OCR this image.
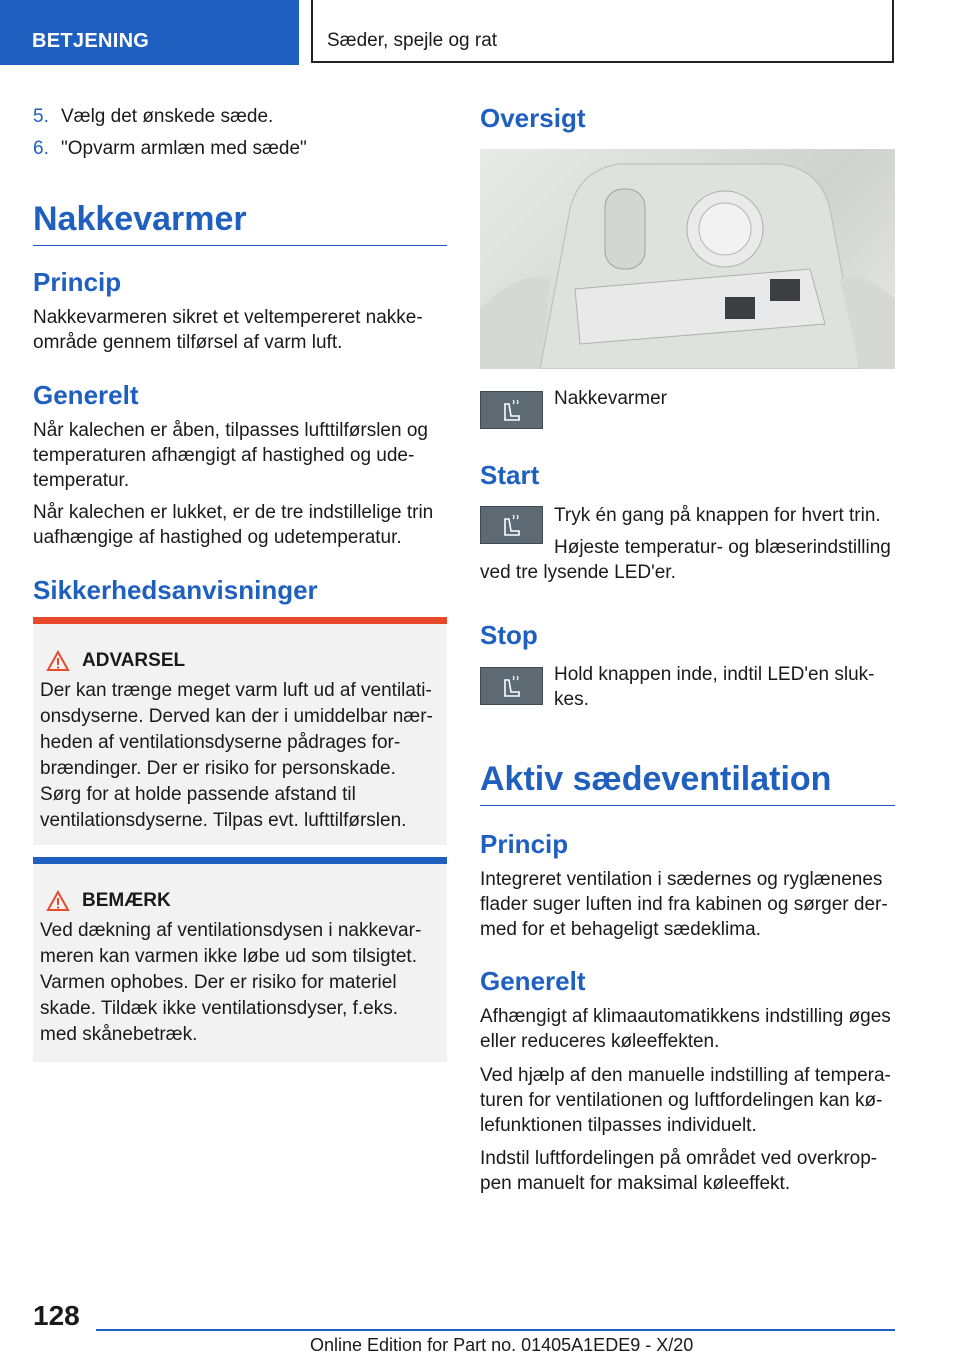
BETJENING	Sæder, spejle og rat
5. Vælg det ønskede sæde.
6. "Opvarm armlæn med sæde"
Nakkevarmer
Princip

Nakkevarmeren sikret et veltempereret nakkeområde gennem tilførsel af varm luft.

Generelt

Når kalechen er åben, tilpasses lufttilførslen og temperaturen afhængigt af hastighed og udetemperatur.

Når kalechen er lukket, er de tre indstillelige trin uafhængige af hastighed og udetemperatur.

Sikkerhedsanvisninger
ADVARSEL

Der kan trænge meget varm luft ud af ventilationsdyserne. Derved kan der i umiddelbar nærheden af ventilationsdyserne pådrages forbrændinger. Der er risiko for personskade. Sørg for at holde passende afstand til ventilationsdyserne. Tilpas evt. lufttilførslen.

BEMÆRK

Ved dækning af ventilationsdysen i nakkevarmeren kan varmen ikke løbe ud som tilsigtet. Varmen ophobes. Der er risiko for materiel skade. Tildæk ikke ventilationsdyser, f.eks. med skånebetræk.

Oversigt

Nakkevarmer

Start

Tryk én gang på knappen for hvert trin.

Højeste temperatur- og blæserindstilling ved tre lysende LED'er.

Stop

Hold knappen inde, indtil LED'en slukkes.

Aktiv sædeventilation
Princip

Integreret ventilation i sædernes og ryglænenes flader suger luften ind fra kabinen og sørger dermed for et behageligt sædeklima.

Generelt

Afhængigt af klimaautomatikkens indstilling øges eller reduceres køleeffekten.

Ved hjælp af den manuelle indstilling af temperaturen for ventilationen og luftfordelingen kan kølefunktionen tilpasses individuelt.

Indstil luftfordelingen på området ved overkroppen manuelt for maksimal køleeffekt.

128
Online Edition for Part no. 01405A1EDE9 - X/20
